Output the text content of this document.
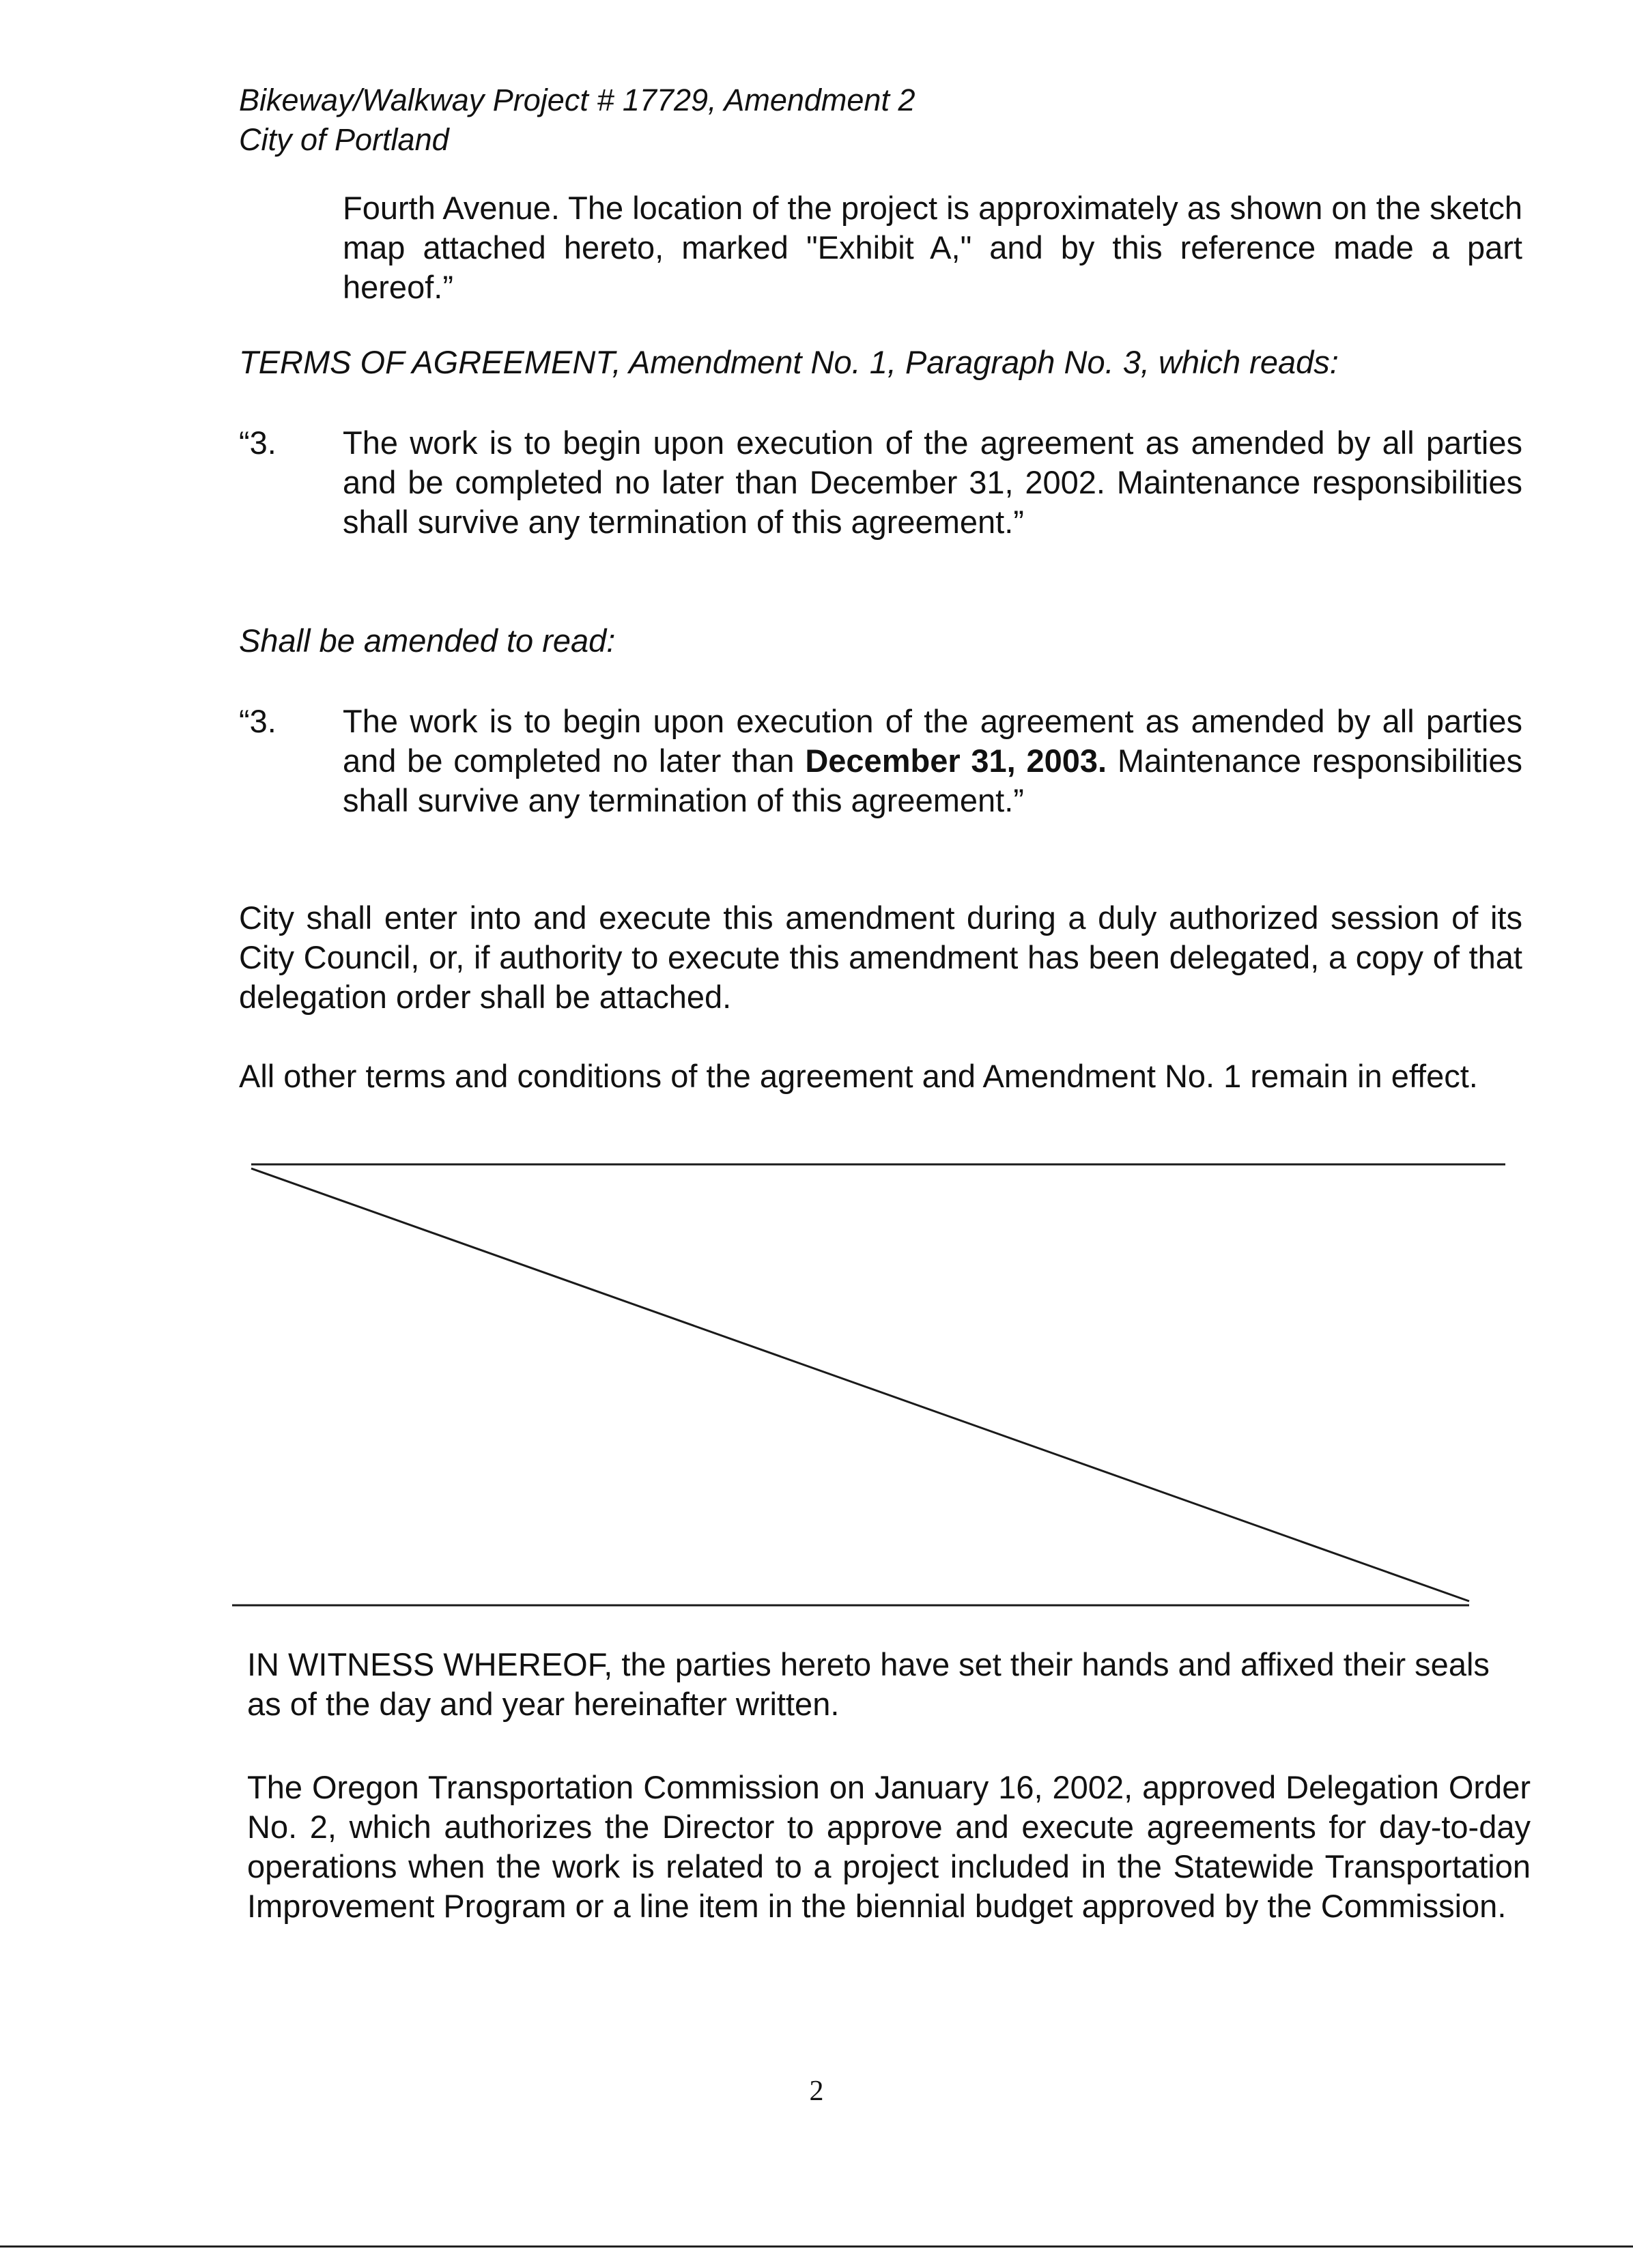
Bikeway/Walkway Project # 17729, Amendment 2
City of Portland
Fourth Avenue. The location of the project is approximately as shown on the sketch map attached hereto, marked "Exhibit A," and by this reference made a part hereof.”
TERMS OF AGREEMENT, Amendment No. 1, Paragraph No. 3, which reads:
“3. The work is to begin upon execution of the agreement as amended by all parties and be completed no later than December 31, 2002. Maintenance responsibilities shall survive any termination of this agreement.”
Shall be amended to read:
“3. The work is to begin upon execution of the agreement as amended by all parties and be completed no later than December 31, 2003. Maintenance responsibilities shall survive any termination of this agreement.”
City shall enter into and execute this amendment during a duly authorized session of its City Council, or, if authority to execute this amendment has been delegated, a copy of that delegation order shall be attached.
All other terms and conditions of the agreement and Amendment No. 1 remain in effect.
IN WITNESS WHEREOF, the parties hereto have set their hands and affixed their seals as of the day and year hereinafter written.
The Oregon Transportation Commission on January 16, 2002, approved Delegation Order No. 2, which authorizes the Director to approve and execute agreements for day-to-day operations when the work is related to a project included in the Statewide Transportation Improvement Program or a line item in the biennial budget approved by the Commission.
2
